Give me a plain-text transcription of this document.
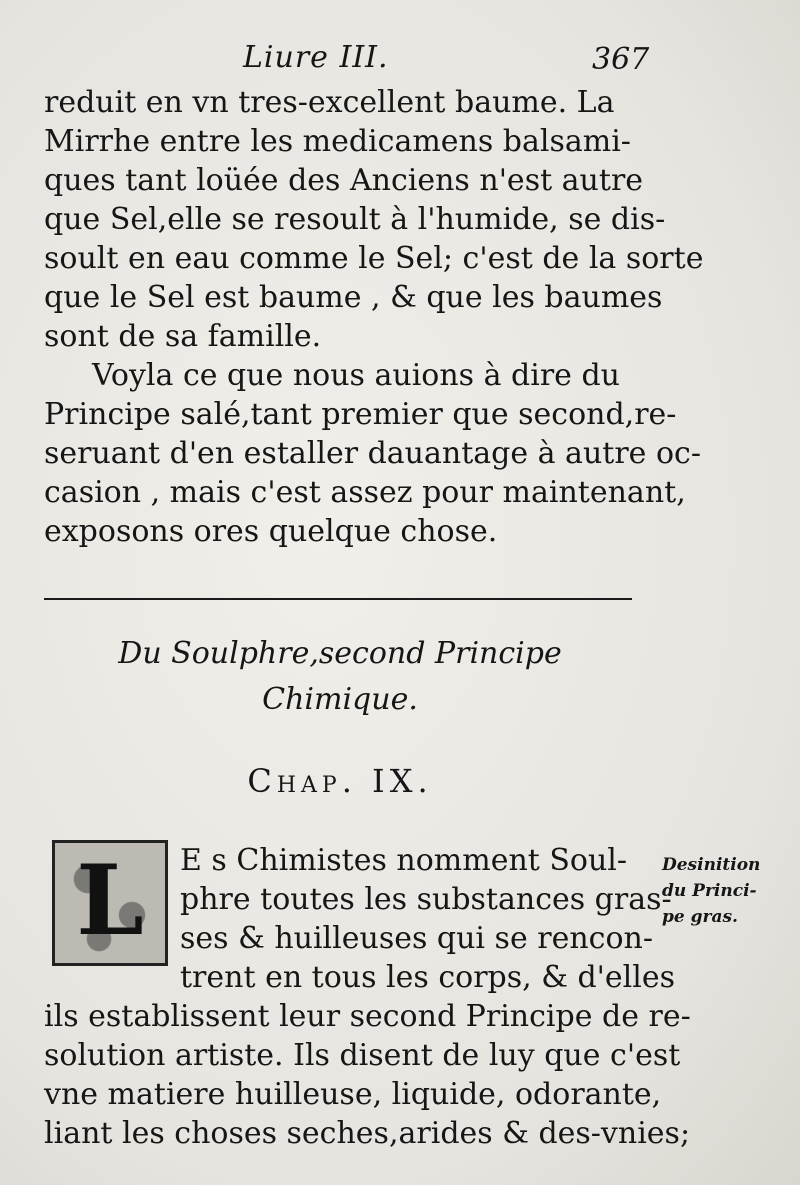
Liure III.	367
reduit en vn tres-excellent baume. La
Mirrhe entre les medicamens balsami-
ques tant loüée des Anciens n'est autre
que Sel,elle se resoult à l'humide, se dis-
soult en eau comme le Sel; c'est de la sorte
que le Sel est baume , & que les baumes
sont de sa famille.
Voyla ce que nous auions à dire du
Principe salé,tant premier que second,re-
seruant d'en estaller dauantage à autre oc-
casion , mais c'est assez pour maintenant,
exposons ores quelque chose.
Du Soulphre,second Principe
Chimique.
Chap. IX.
L	E s Chimistes nomment Soul-
phre toutes les substances gras-
ses & huilleuses qui se rencon-
trent en tous les corps, & d'elles
ils establissent leur second Principe de re-
solution artiste. Ils disent de luy que c'est
vne matiere huilleuse, liquide, odorante,
liant les choses seches,arides & des-vnies;
Desinition
du Princi-
pe gras.
